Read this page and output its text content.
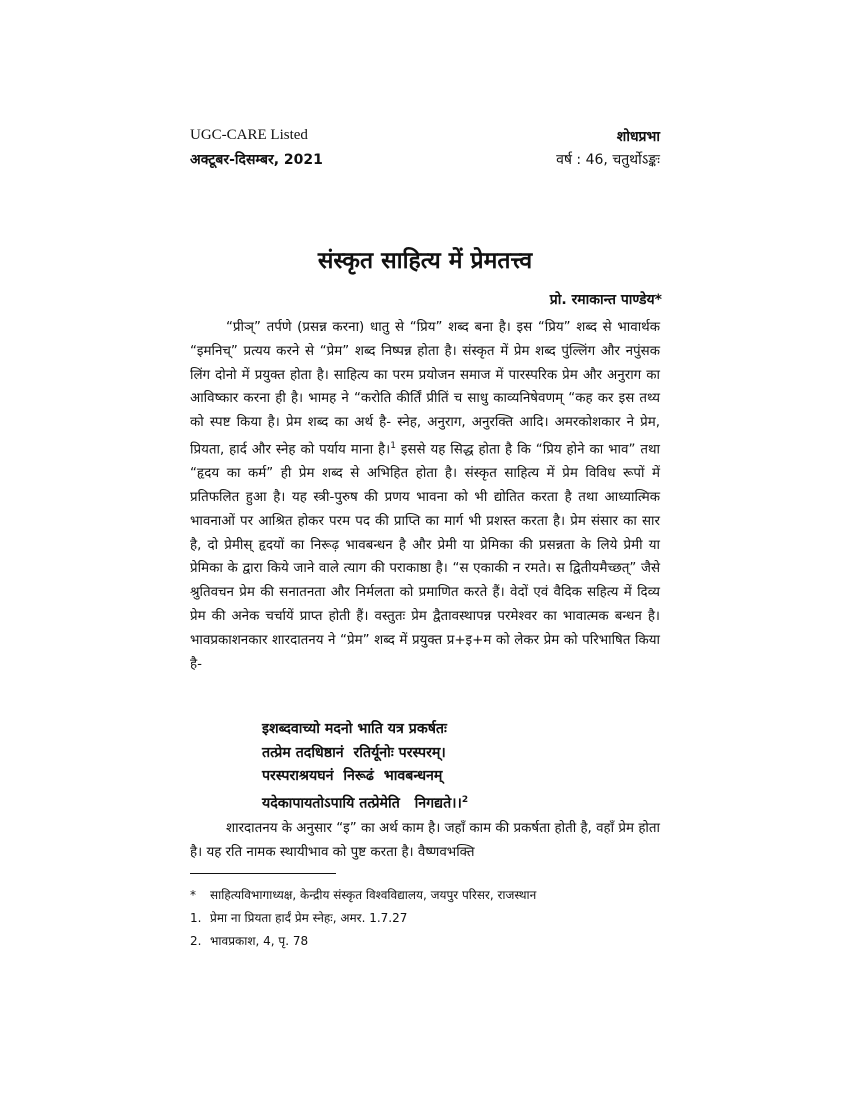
UGC-CARE Listed
अक्टूबर-दिसम्बर, 2021
शोधप्रभा
वर्ष : 46, चतुर्थोऽङ्कः
संस्कृत साहित्य में प्रेमतत्त्व
प्रो. रमाकान्त पाण्डेय*

“प्रीञ्” तर्पणे (प्रसन्न करना) धातु से “प्रिय” शब्द बना है। इस “प्रिय” शब्द से भावार्थक “इमनिच्” प्रत्यय करने से “प्रेम” शब्द निष्पन्न होता है। संस्कृत में प्रेम शब्द पुंल्लिंग और नपुंसक लिंग दोनो में प्रयुक्त होता है। साहित्य का परम प्रयोजन समाज में पारस्परिक प्रेम और अनुराग का आविष्कार करना ही है। भामह ने “करोति कीर्तिं प्रीतिं च साधु काव्यनिषेवणम् “कह कर इस तथ्य को स्पष्ट किया है। प्रेम शब्द का अर्थ है- स्नेह, अनुराग, अनुरक्ति आदि। अमरकोशकार ने प्रेम, प्रियता, हार्द और स्नेह को पर्याय माना है।$^1$ इससे यह सिद्ध होता है कि “प्रिय होने का भाव” तथा “हृदय का कर्म” ही प्रेम शब्द से अभिहित होता है। संस्कृत साहित्य में प्रेम विविध रूपों में प्रतिफलित हुआ है। यह स्त्री-पुरुष की प्रणय भावना को भी द्योतित करता है तथा आध्यात्मिक भावनाओं पर आश्रित होकर परम पद की प्राप्ति का मार्ग भी प्रशस्त करता है। प्रेम संसार का सार है, दो प्रेमीस् हृदयों का निरूढ़ भावबन्धन है और प्रेमी या प्रेमिका की प्रसन्नता के लिये प्रेमी या प्रेमिका के द्वारा किये जाने वाले त्याग की पराकाष्ठा है। “स एकाकी न रमते। स द्वितीयमैच्छत्” जैसे श्रुतिवचन प्रेम की सनातनता और निर्मलता को प्रमाणित करते हैं। वेदों एवं वैदिक सहित्य में दिव्य प्रेम की अनेक चर्चायें प्राप्त होती हैं। वस्तुतः प्रेम द्वैतावस्थापन्न परमेश्वर का भावात्मक बन्धन है। भावप्रकाशनकार शारदातनय ने “प्रेम” शब्द में प्रयुक्त प्र+इ+म को लेकर प्रेम को परिभाषित किया है-

इशब्दवाच्यो मदनो भाति यत्र प्रकर्षतः
तत्प्रेम तदधिष्ठानं  रतिर्यूनोः परस्परम्।
परस्पराश्रयघनं  निरूढं  भावबन्धनम्
यदेकापायतोऽपायि तत्प्रेमेति   निगद्यते।।$^2$

शारदातनय के अनुसार “इ” का अर्थ काम है। जहाँ काम की प्रकर्षता होती है, वहाँ प्रेम होता है। यह रति नामक स्थायीभाव को पुष्ट करता है। वैष्णवभक्ति

* साहित्यविभागाध्यक्ष, केन्द्रीय संस्कृत विश्वविद्यालय, जयपुर परिसर, राजस्थान
1. प्रेमा ना प्रियता हार्दं प्रेम स्नेहः, अमर. 1.7.27
2. भावप्रकाश, 4, पृ. 78
